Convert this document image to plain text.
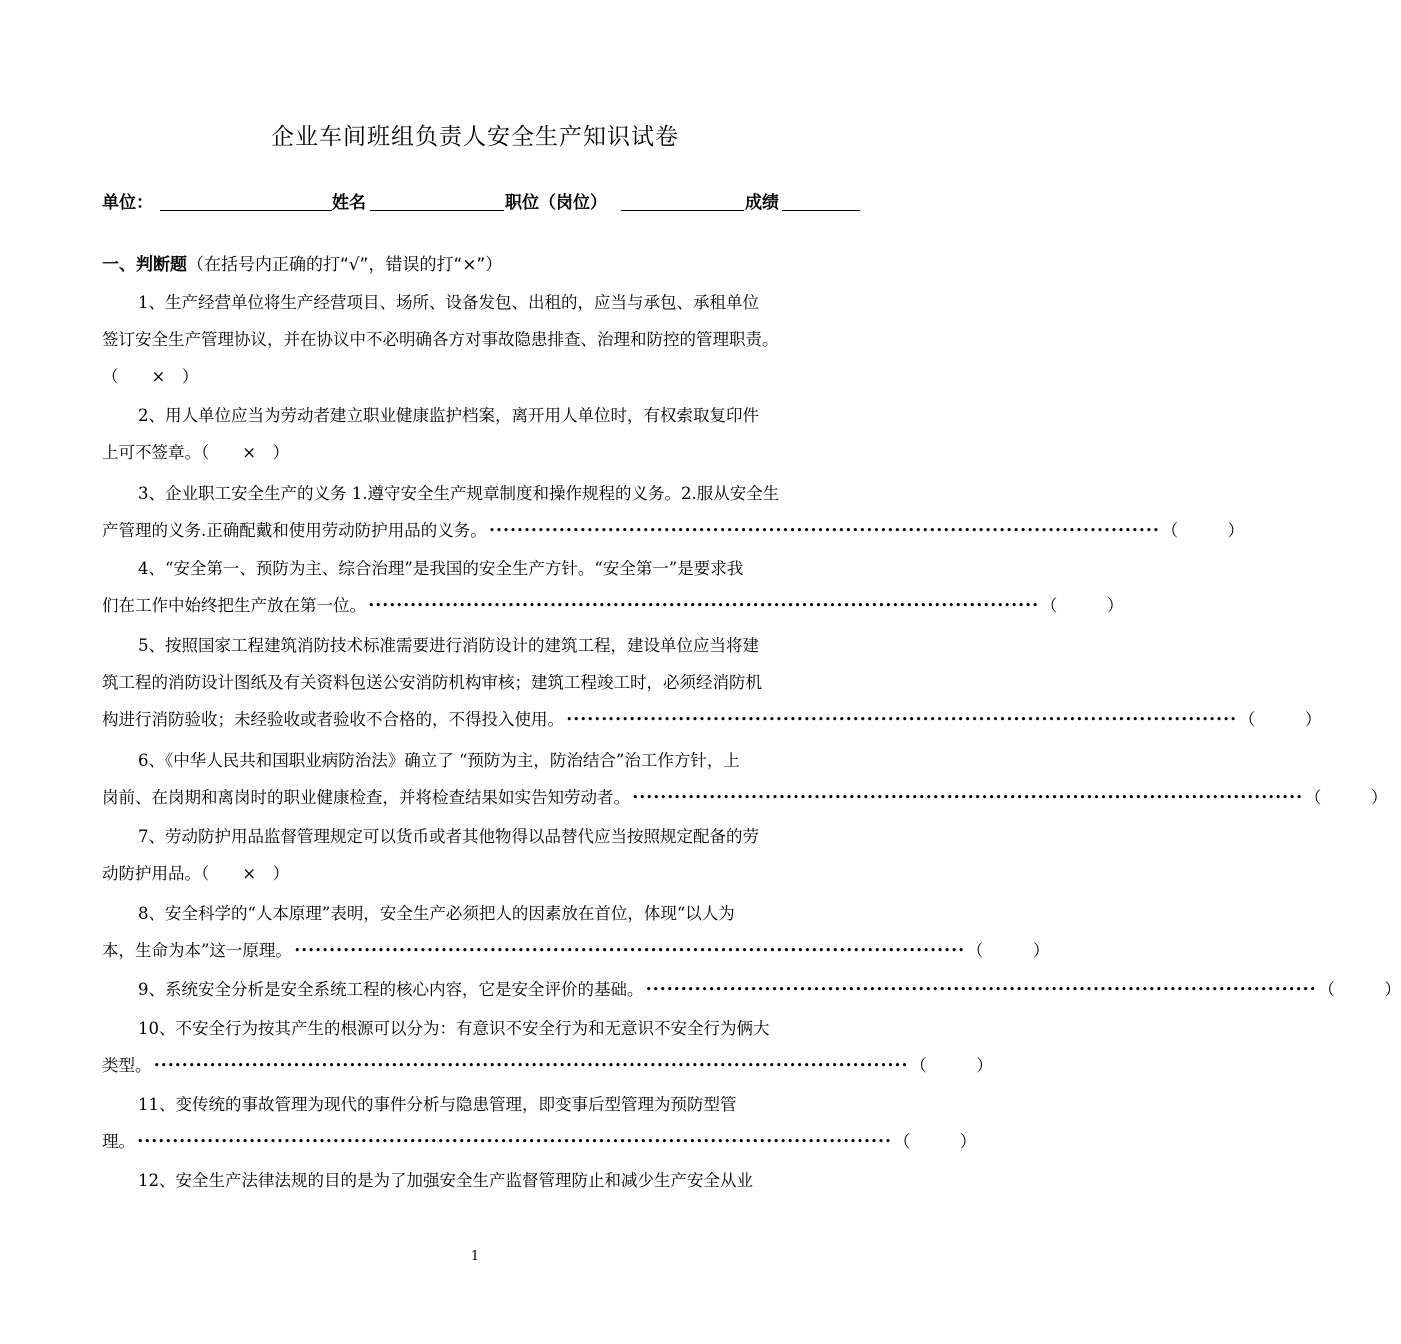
企业车间班组负责人安全生产知识试卷
单位：	姓名	职位（岗位）	成绩
一、判断题（在括号内正确的打“√”，错误的打“×”）

1、生产经营单位将生产经营项目、场所、设备发包、出租的，应当与承包、承租单位

签订安全生产管理协议，并在协议中不必明确各方对事故隐患排查、治理和防控的管理职责。

（　　×　）

2、用人单位应当为劳动者建立职业健康监护档案，离开用人单位时，有权索取复印件

上可不签章。（　　×　）

3、企业职工安全生产的义务 1.遵守安全生产规章制度和操作规程的义务。2.服从安全生

产管理的义务.正确配戴和使用劳动防护用品的义务。 •••••••••••••••••••••••••••••••••••••••••••••••••••••••••••••••••••••••••••••••••••••••••••••••• （　　　）

4、“安全第一、预防为主、综合治理”是我国的安全生产方针。“安全第一”是要求我

们在工作中始终把生产放在第一位。 •••••••••••••••••••••••••••••••••••••••••••••••••••••••••••••••••••••••••••••••••••••••••••••••• （　　　）

5、按照国家工程建筑消防技术标准需要进行消防设计的建筑工程，建设单位应当将建

筑工程的消防设计图纸及有关资料包送公安消防机构审核；建筑工程竣工时，必须经消防机

构进行消防验收；未经验收或者验收不合格的，不得投入使用。 •••••••••••••••••••••••••••••••••••••••••••••••••••••••••••••••••••••••••••••••••••••••••••••••• （　　　）

6、《中华人民共和国职业病防治法》确立了 “预防为主，防治结合”治工作方针，上

岗前、在岗期和离岗时的职业健康检查，并将检查结果如实告知劳动者。 •••••••••••••••••••••••••••••••••••••••••••••••••••••••••••••••••••••••••••••••••••••••••••••••• （　　　）

7、劳动防护用品监督管理规定可以货币或者其他物得以品替代应当按照规定配备的劳

动防护用品。（　　×　）

8、安全科学的“人本原理”表明，安全生产必须把人的因素放在首位，体现“以人为

本，生命为本”这一原理。 •••••••••••••••••••••••••••••••••••••••••••••••••••••••••••••••••••••••••••••••••••••••••••••••• （　　　）

9、系统安全分析是安全系统工程的核心内容，它是安全评价的基础。 •••••••••••••••••••••••••••••••••••••••••••••••••••••••••••••••••••••••••••••••••••••••••••••••• （　　　）

10、不安全行为按其产生的根源可以分为：有意识不安全行为和无意识不安全行为俩大

类型。 •••••••••••••••••••••••••••••••••••••••••••••••••••••••••••••••••••••••••••••••••••••••••••••••••••••••••••• （　　　）

11、变传统的事故管理为现代的事件分析与隐患管理，即变事后型管理为预防型管

理。 •••••••••••••••••••••••••••••••••••••••••••••••••••••••••••••••••••••••••••••••••••••••••••••••••••••••••••• （　　　）

12、安全生产法律法规的目的是为了加强安全生产监督管理防止和减少生产安全从业

1
